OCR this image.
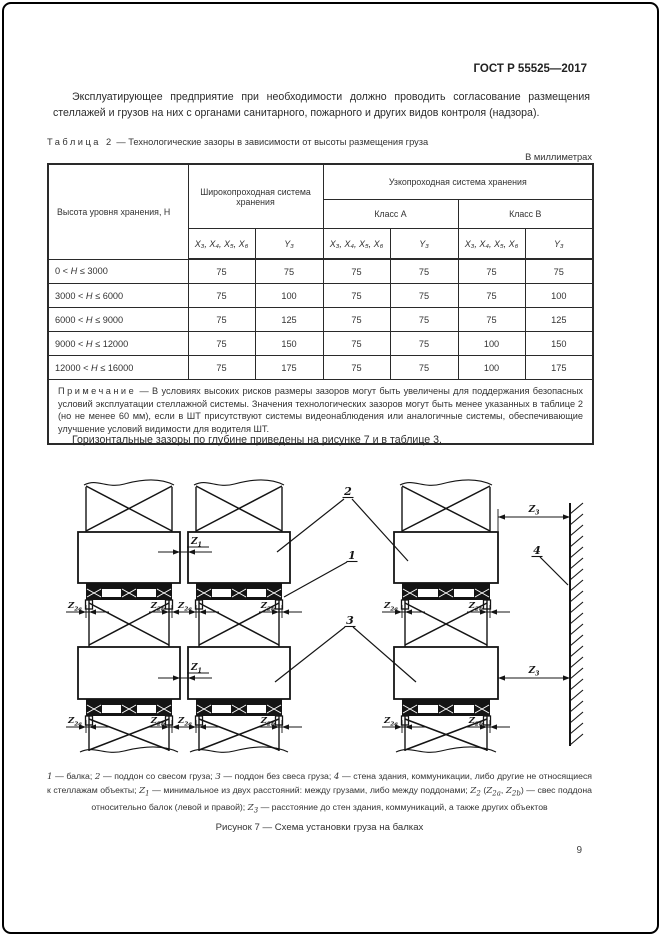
ГОСТ Р 55525—2017
Эксплуатирующее предприятие при необходимости должно проводить согласование размещения стеллажей и грузов на них с органами санитарного, пожарного и других видов контроля (надзора).
Таблица 2 — Технологические зазоры в зависимости от высоты размещения груза
В миллиметрах
Высота уровня хранения, Н	Широкопроходная система хранения		Узкопроходная система хранения			
			Класс А		Класс В	
	X₃, X₄, X₅, X₆	Y₃	X₃, X₄, X₅, X₆	Y₃	X₃, X₄, X₅, X₆	Y₃
0 < H ≤ 3000	75	75	75	75	75	75
3000 < H ≤ 6000	75	100	75	75	75	100
6000 < H ≤ 9000	75	125	75	75	75	125
9000 < H ≤ 12000	75	150	75	75	100	150
12000 < H ≤ 16000	75	175	75	75	100	175
Примечание — В условиях высоких рисков размеры зазоров могут быть увеличены для поддержания безопасных условий эксплуатации стеллажной системы. Значения технологических зазоров могут быть менее указанных в таблице 2 (но не менее 60 мм), если в ШТ присутствуют системы видеонаблюдения или аналогичные системы, обеспечивающие улучшение условий видимости для водителя ШТ.						
Горизонтальные зазоры по глубине приведены на рисунке 7 и в таблице 3.
$Z_{2a}$	$Z_{2b}$
$Z_{2a}$	$Z_{2b}$
$Z_{2a}$	$Z_{2b}$
$Z_{2a}$	$Z_{2b}$
$Z_{2a}$	$Z_{2b}$
$Z_{2a}$	$Z_{2b}$
$Z_1$
$Z_1$
$Z_3$
$Z_3$
2
1
3
4
1 — балка; 2 — поддон со свесом груза; 3 — поддон без свеса груза; 4 — стена здания, коммуникации, либо другие не относящиеся к стеллажам объекты; $Z_1$ — минимальное из двух расстояний: между грузами, либо между поддонами; $Z_2$ ($Z_{2a}$, $Z_{2b}$) — свес поддона относительно балок (левой и правой); $Z_3$ — расстояние до стен здания, коммуникаций, а также других объектов
Рисунок 7 — Схема установки груза на балках
9
